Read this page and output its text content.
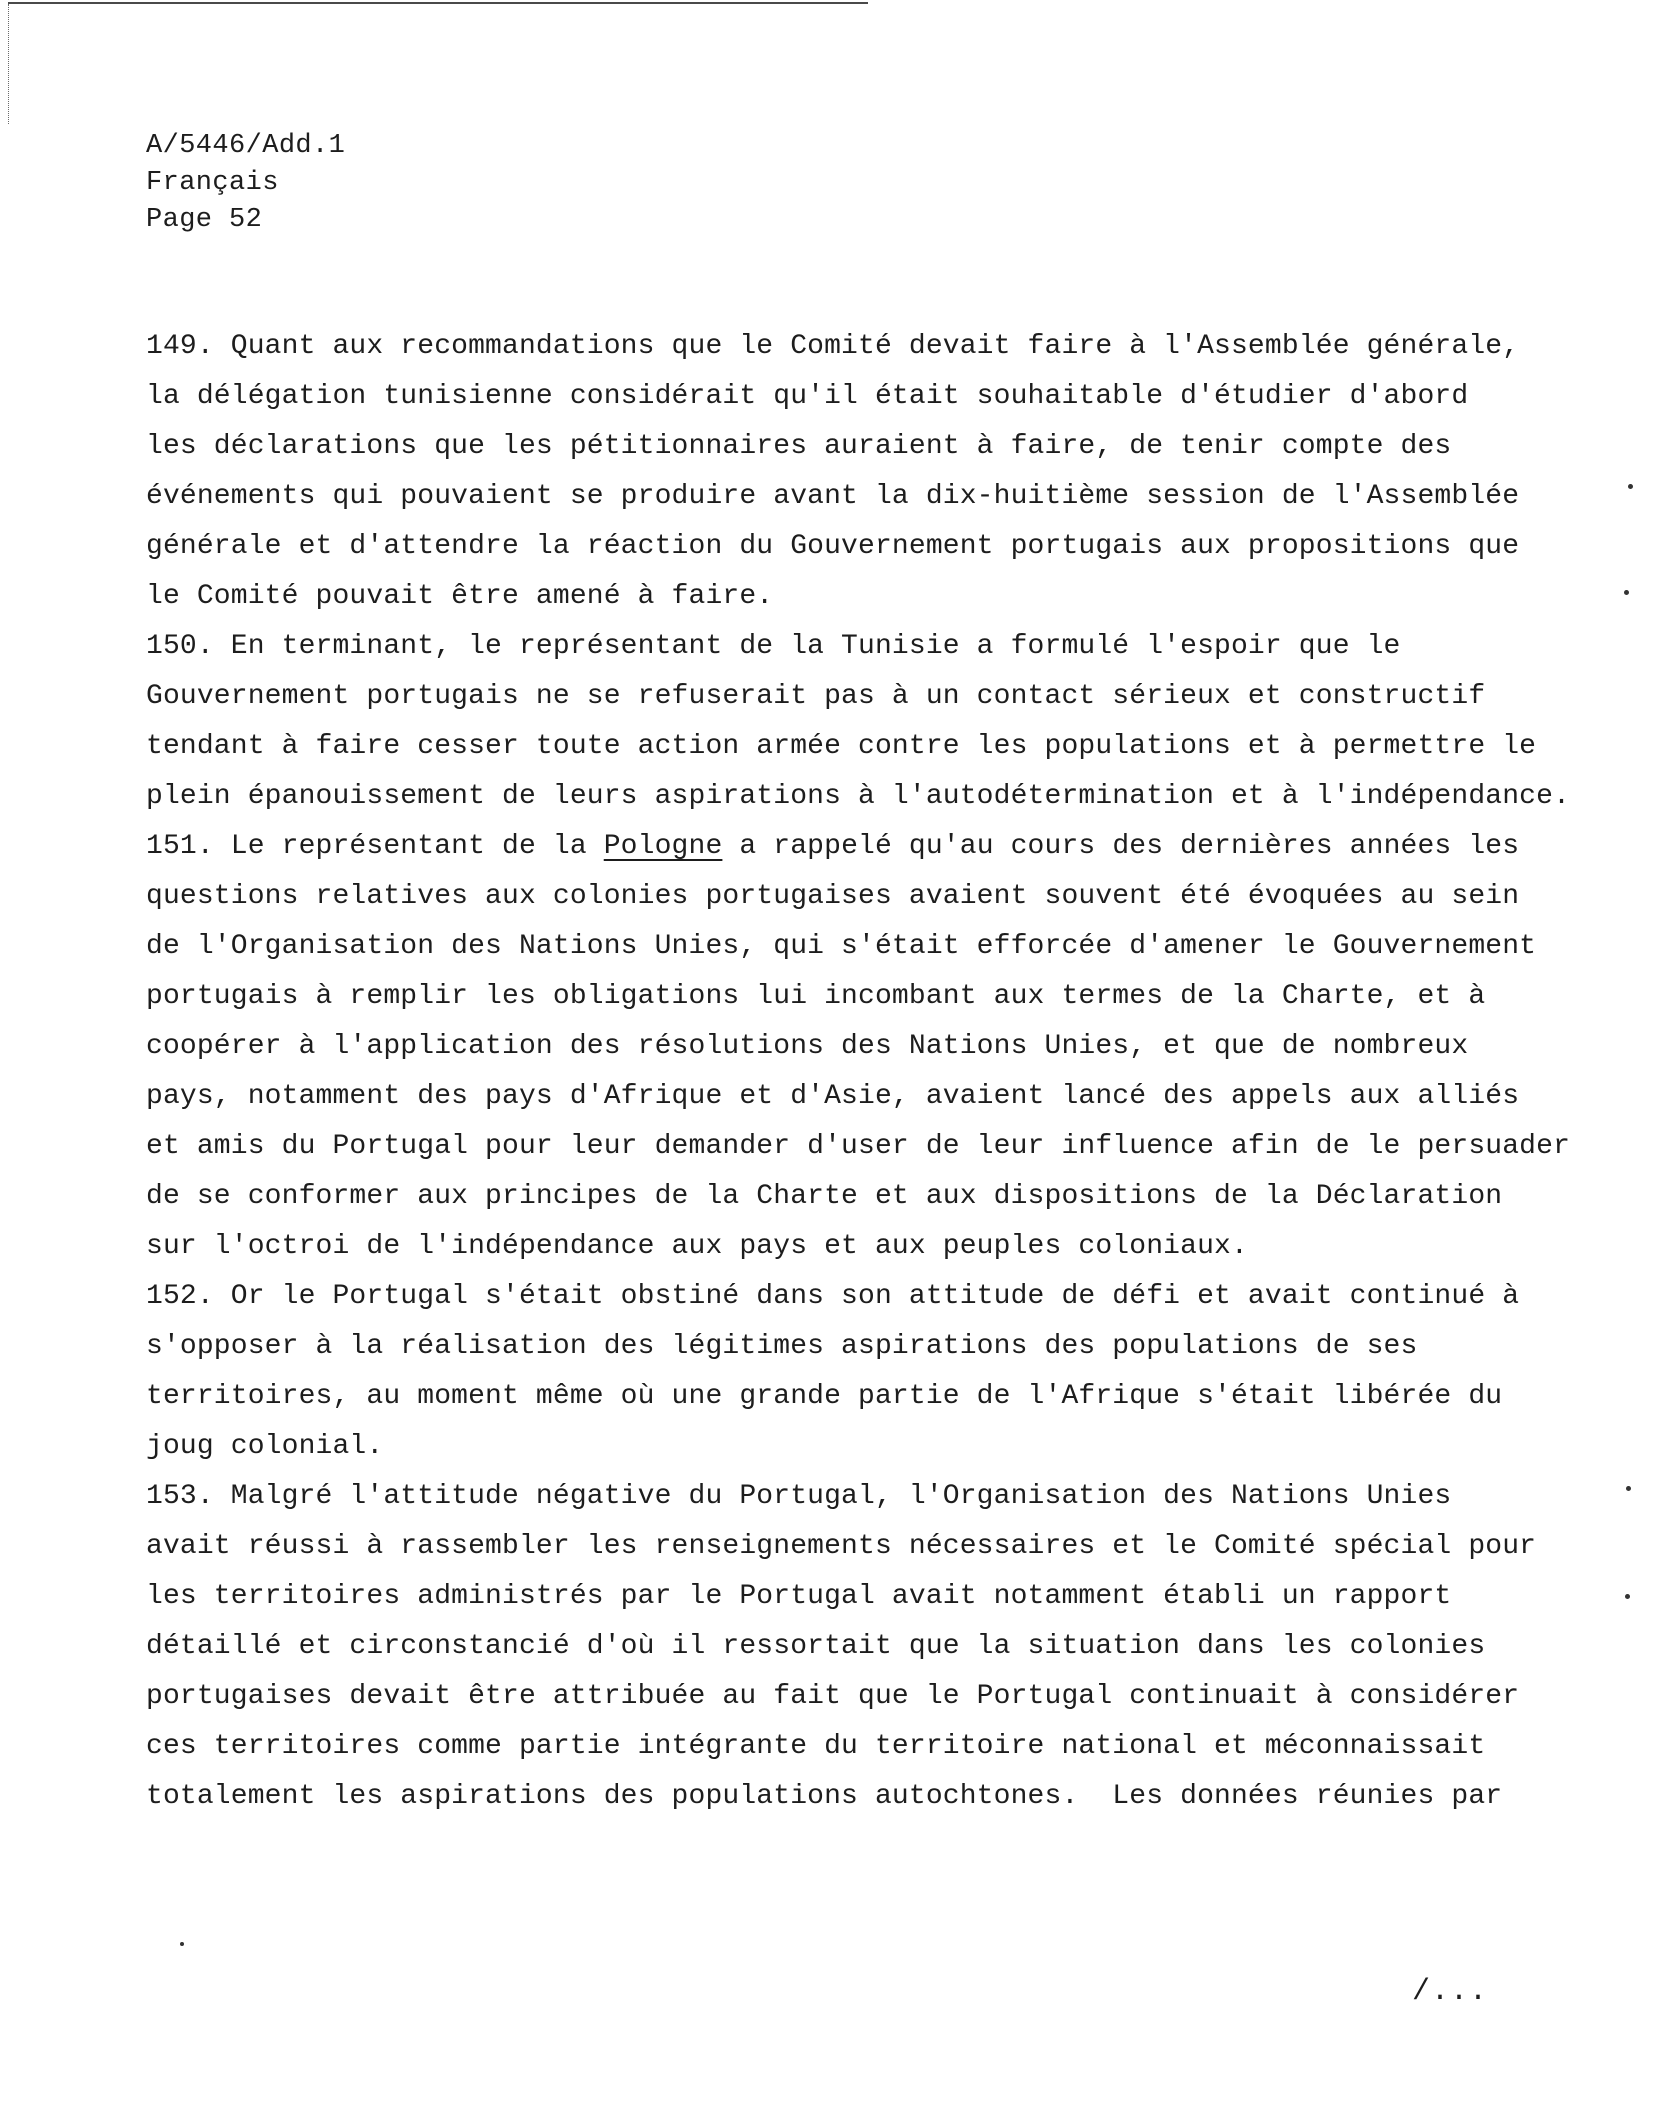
A/5446/Add.1
Français
Page 52
149. Quant aux recommandations que le Comité devait faire à l'Assemblée générale,
la délégation tunisienne considérait qu'il était souhaitable d'étudier d'abord
les déclarations que les pétitionnaires auraient à faire, de tenir compte des
événements qui pouvaient se produire avant la dix-huitième session de l'Assemblée
générale et d'attendre la réaction du Gouvernement portugais aux propositions que
le Comité pouvait être amené à faire.
150. En terminant, le représentant de la Tunisie a formulé l'espoir que le
Gouvernement portugais ne se refuserait pas à un contact sérieux et constructif
tendant à faire cesser toute action armée contre les populations et à permettre le
plein épanouissement de leurs aspirations à l'autodétermination et à l'indépendance.
151. Le représentant de la Pologne a rappelé qu'au cours des dernières années les
questions relatives aux colonies portugaises avaient souvent été évoquées au sein
de l'Organisation des Nations Unies, qui s'était efforcée d'amener le Gouvernement
portugais à remplir les obligations lui incombant aux termes de la Charte, et à
coopérer à l'application des résolutions des Nations Unies, et que de nombreux
pays, notamment des pays d'Afrique et d'Asie, avaient lancé des appels aux alliés
et amis du Portugal pour leur demander d'user de leur influence afin de le persuader
de se conformer aux principes de la Charte et aux dispositions de la Déclaration
sur l'octroi de l'indépendance aux pays et aux peuples coloniaux.
152. Or le Portugal s'était obstiné dans son attitude de défi et avait continué à
s'opposer à la réalisation des légitimes aspirations des populations de ses
territoires, au moment même où une grande partie de l'Afrique s'était libérée du
joug colonial.
153. Malgré l'attitude négative du Portugal, l'Organisation des Nations Unies
avait réussi à rassembler les renseignements nécessaires et le Comité spécial pour
les territoires administrés par le Portugal avait notamment établi un rapport
détaillé et circonstancié d'où il ressortait que la situation dans les colonies
portugaises devait être attribuée au fait que le Portugal continuait à considérer
ces territoires comme partie intégrante du territoire national et méconnaissait
totalement les aspirations des populations autochtones.  Les données réunies par
/...
